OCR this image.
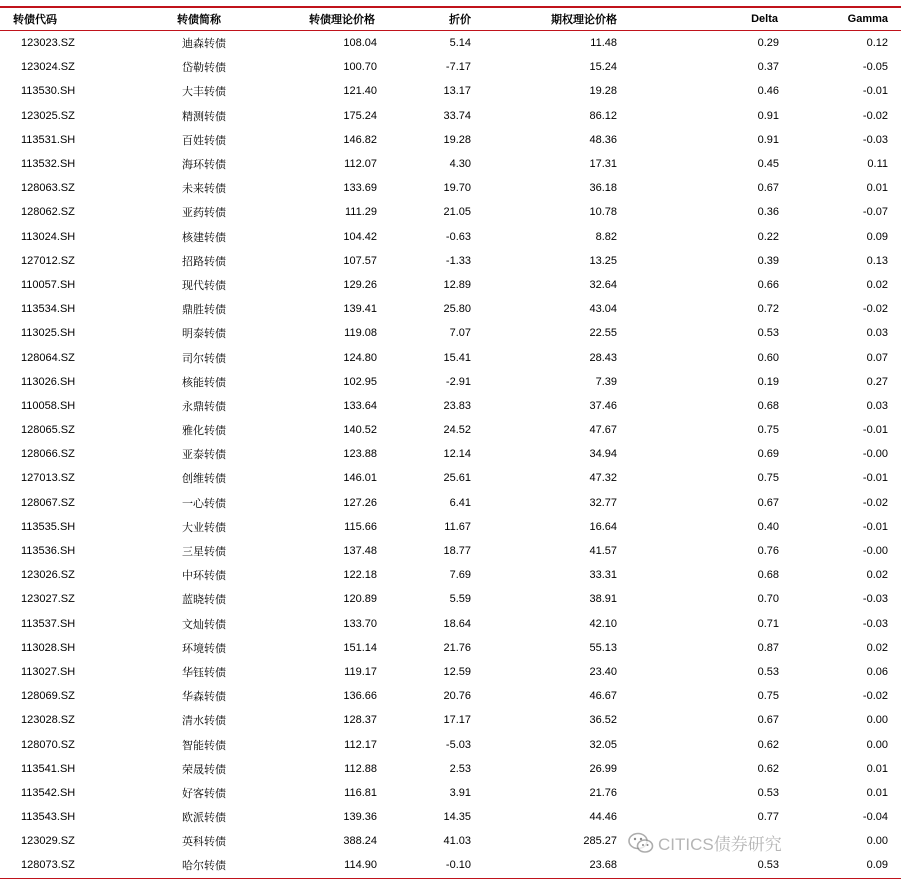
转债代码	转债简称	转债理论价格	折价	期权理论价格	Delta	Gamma
123023.SZ	迪森转债	108.04	5.14	11.48	0.29	0.12
123024.SZ	岱勒转债	100.70	-7.17	15.24	0.37	-0.05
113530.SH	大丰转债	121.40	13.17	19.28	0.46	-0.01
123025.SZ	精测转债	175.24	33.74	86.12	0.91	-0.02
113531.SH	百姓转债	146.82	19.28	48.36	0.91	-0.03
113532.SH	海环转债	112.07	4.30	17.31	0.45	0.11
128063.SZ	未来转债	133.69	19.70	36.18	0.67	0.01
128062.SZ	亚药转债	111.29	21.05	10.78	0.36	-0.07
113024.SH	核建转债	104.42	-0.63	8.82	0.22	0.09
127012.SZ	招路转债	107.57	-1.33	13.25	0.39	0.13
110057.SH	现代转债	129.26	12.89	32.64	0.66	0.02
113534.SH	鼎胜转债	139.41	25.80	43.04	0.72	-0.02
113025.SH	明泰转债	119.08	7.07	22.55	0.53	0.03
128064.SZ	司尔转债	124.80	15.41	28.43	0.60	0.07
113026.SH	核能转债	102.95	-2.91	7.39	0.19	0.27
110058.SH	永鼎转债	133.64	23.83	37.46	0.68	0.03
128065.SZ	雅化转债	140.52	24.52	47.67	0.75	-0.01
128066.SZ	亚泰转债	123.88	12.14	34.94	0.69	-0.00
127013.SZ	创维转债	146.01	25.61	47.32	0.75	-0.01
128067.SZ	一心转债	127.26	6.41	32.77	0.67	-0.02
113535.SH	大业转债	115.66	11.67	16.64	0.40	-0.01
113536.SH	三星转债	137.48	18.77	41.57	0.76	-0.00
123026.SZ	中环转债	122.18	7.69	33.31	0.68	0.02
123027.SZ	蓝晓转债	120.89	5.59	38.91	0.70	-0.03
113537.SH	文灿转债	133.70	18.64	42.10	0.71	-0.03
113028.SH	环境转债	151.14	21.76	55.13	0.87	0.02
113027.SH	华钰转债	119.17	12.59	23.40	0.53	0.06
128069.SZ	华森转债	136.66	20.76	46.67	0.75	-0.02
123028.SZ	清水转债	128.37	17.17	36.52	0.67	0.00
128070.SZ	智能转债	112.17	-5.03	32.05	0.62	0.00
113541.SH	荣晟转债	112.88	2.53	26.99	0.62	0.01
113542.SH	好客转债	116.81	3.91	21.76	0.53	0.01
113543.SH	欧派转债	139.36	14.35	44.46	0.77	-0.04
123029.SZ	英科转债	388.24	41.03	285.27		0.00
128073.SZ	哈尔转债	114.90	-0.10	23.68	0.53	0.09
CITICS债券研究
